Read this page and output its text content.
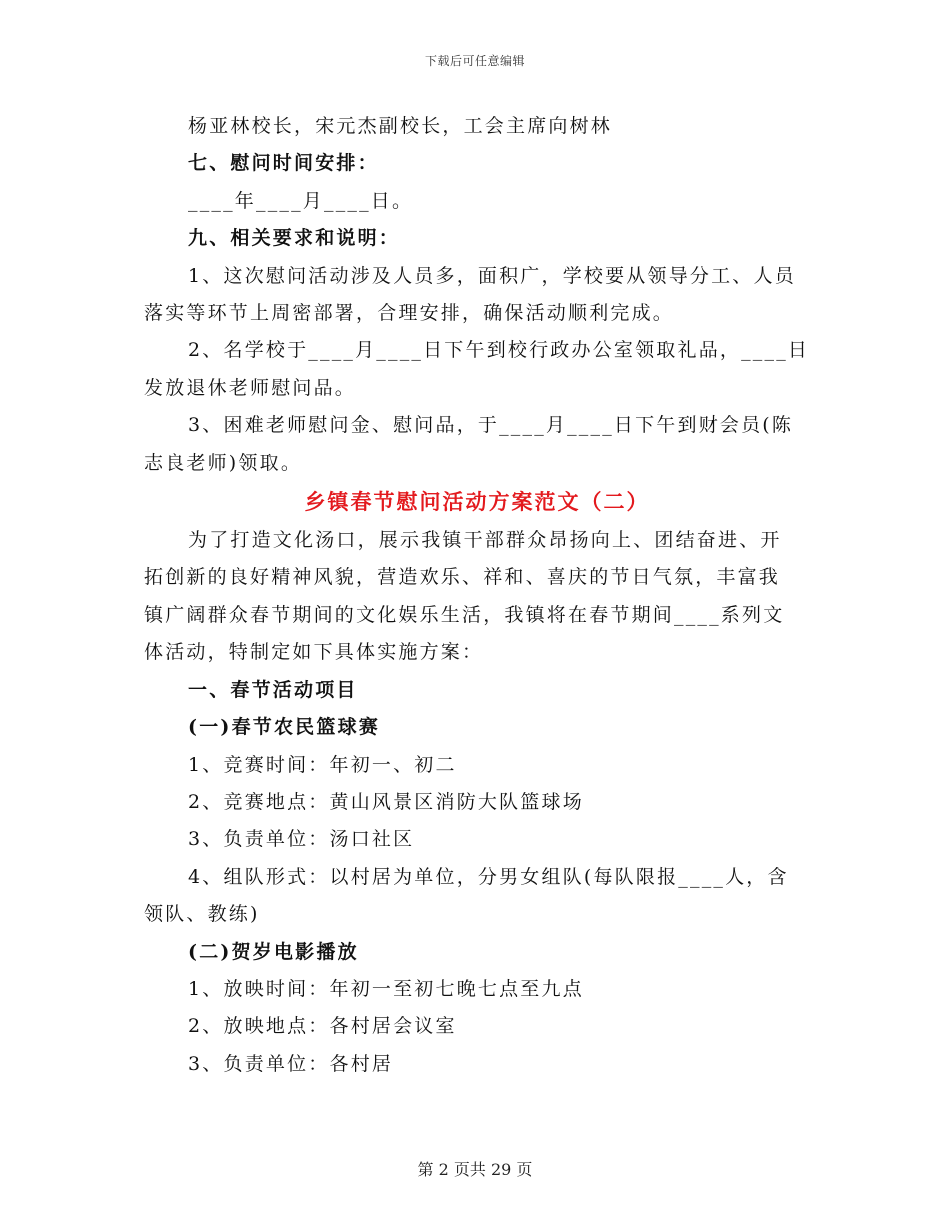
下载后可任意编辑

杨亚林校长，宋元杰副校长，工会主席向树林

七、慰问时间安排：

____年____月____日。

九、相关要求和说明：

1、这次慰问活动涉及人员多，面积广，学校要从领导分工、人员

落实等环节上周密部署，合理安排，确保活动顺利完成。

2、名学校于____月____日下午到校行政办公室领取礼品，____日

发放退休老师慰问品。

3、困难老师慰问金、慰问品，于____月____日下午到财会员(陈

志良老师)领取。

乡镇春节慰问活动方案范文（二）

为了打造文化汤口，展示我镇干部群众昂扬向上、团结奋进、开

拓创新的良好精神风貌，营造欢乐、祥和、喜庆的节日气氛，丰富我

镇广阔群众春节期间的文化娱乐生活，我镇将在春节期间____系列文

体活动，特制定如下具体实施方案：

一、春节活动项目

(一)春节农民篮球赛

1、竞赛时间：年初一、初二

2、竞赛地点：黄山风景区消防大队篮球场

3、负责单位：汤口社区

4、组队形式：以村居为单位，分男女组队(每队限报____人，含

领队、教练)

(二)贺岁电影播放

1、放映时间：年初一至初七晚七点至九点

2、放映地点：各村居会议室

3、负责单位：各村居

第 2 页共 29 页
